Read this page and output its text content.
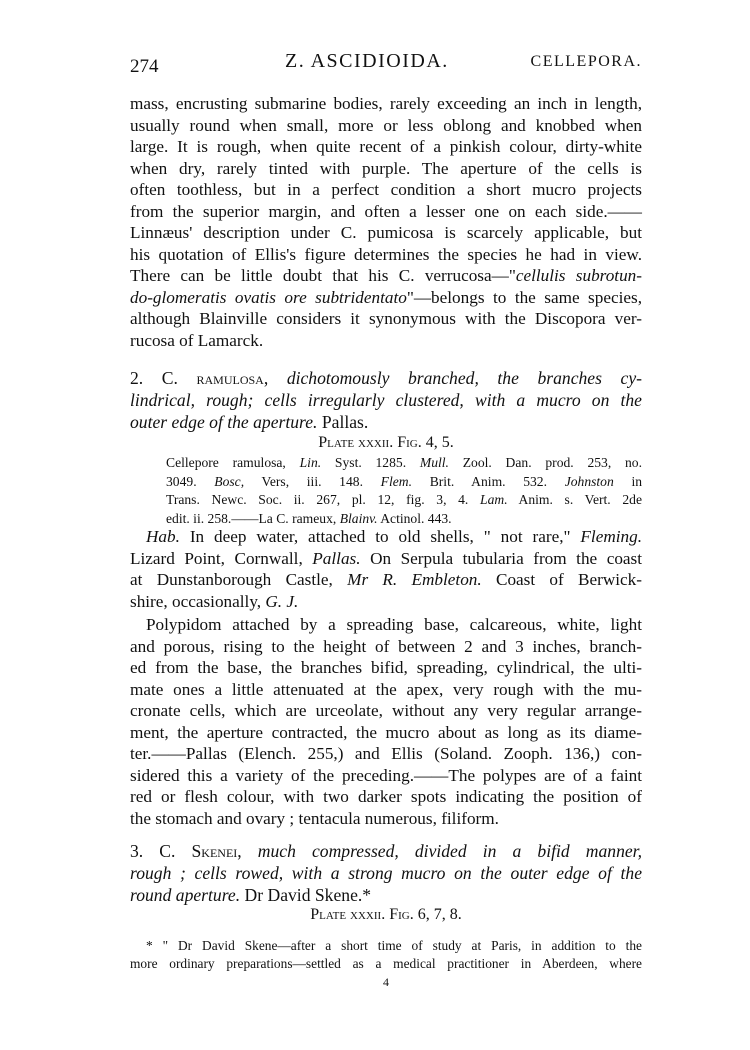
274	Z. ASCIDIOIDA.	CELLEPORA.
mass, encrusting submarine bodies, rarely exceeding an inch in length,
usually round when small, more or less oblong and knobbed when
large. It is rough, when quite recent of a pinkish colour, dirty-white
when dry, rarely tinted with purple. The aperture of the cells is
often toothless, but in a perfect condition a short mucro projects
from the superior margin, and often a lesser one on each side.——
Linnæus' description under C. pumicosa is scarcely applicable, but
his quotation of Ellis's figure determines the species he had in view.
There can be little doubt that his C. verrucosa—"cellulis subrotun-
do-glomeratis ovatis ore subtridentato"—belongs to the same species,
although Blainville considers it synonymous with the Discopora ver-
rucosa of Lamarck.
2. C. ramulosa, dichotomously branched, the branches cy-
lindrical, rough; cells irregularly clustered, with a mucro on the
outer edge of the aperture. Pallas.
Plate xxxii. Fig. 4, 5.
Cellepore ramulosa, Lin. Syst. 1285. Mull. Zool. Dan. prod. 253, no.
3049. Bosc, Vers, iii. 148. Flem. Brit. Anim. 532. Johnston in
Trans. Newc. Soc. ii. 267, pl. 12, fig. 3, 4. Lam. Anim. s. Vert. 2de
edit. ii. 258.——La C. rameux, Blainv. Actinol. 443.
Hab. In deep water, attached to old shells, " not rare," Fleming.
Lizard Point, Cornwall, Pallas. On Serpula tubularia from the coast
at Dunstanborough Castle, Mr R. Embleton. Coast of Berwick-
shire, occasionally, G. J.
Polypidom attached by a spreading base, calcareous, white, light
and porous, rising to the height of between 2 and 3 inches, branch-
ed from the base, the branches bifid, spreading, cylindrical, the ulti-
mate ones a little attenuated at the apex, very rough with the mu-
cronate cells, which are urceolate, without any very regular arrange-
ment, the aperture contracted, the mucro about as long as its diame-
ter.——Pallas (Elench. 255,) and Ellis (Soland. Zooph. 136,) con-
sidered this a variety of the preceding.——The polypes are of a faint
red or flesh colour, with two darker spots indicating the position of
the stomach and ovary ; tentacula numerous, filiform.
3. C. Skenei, much compressed, divided in a bifid manner,
rough ; cells rowed, with a strong mucro on the outer edge of the
round aperture. Dr David Skene.*
Plate xxxii. Fig. 6, 7, 8.
* " Dr David Skene—after a short time of study at Paris, in addition to the
more ordinary preparations—settled as a medical practitioner in Aberdeen, where
4
